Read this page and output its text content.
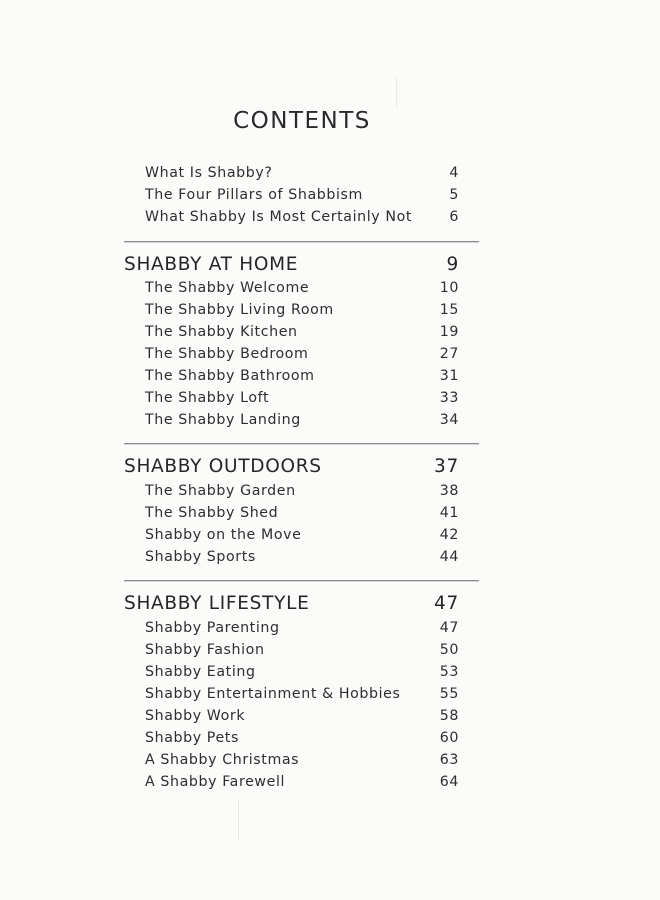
CONTENTS
What Is Shabby?	4
The Four Pillars of Shabbism	5
What Shabby Is Most Certainly Not	6
SHABBY AT HOME	9
The Shabby Welcome	10
The Shabby Living Room	15
The Shabby Kitchen	19
The Shabby Bedroom	27
The Shabby Bathroom	31
The Shabby Loft	33
The Shabby Landing	34
SHABBY OUTDOORS	37
The Shabby Garden	38
The Shabby Shed	41
Shabby on the Move	42
Shabby Sports	44
SHABBY LIFESTYLE	47
Shabby Parenting	47
Shabby Fashion	50
Shabby Eating	53
Shabby Entertainment & Hobbies	55
Shabby Work	58
Shabby Pets	60
A Shabby Christmas	63
A Shabby Farewell	64
